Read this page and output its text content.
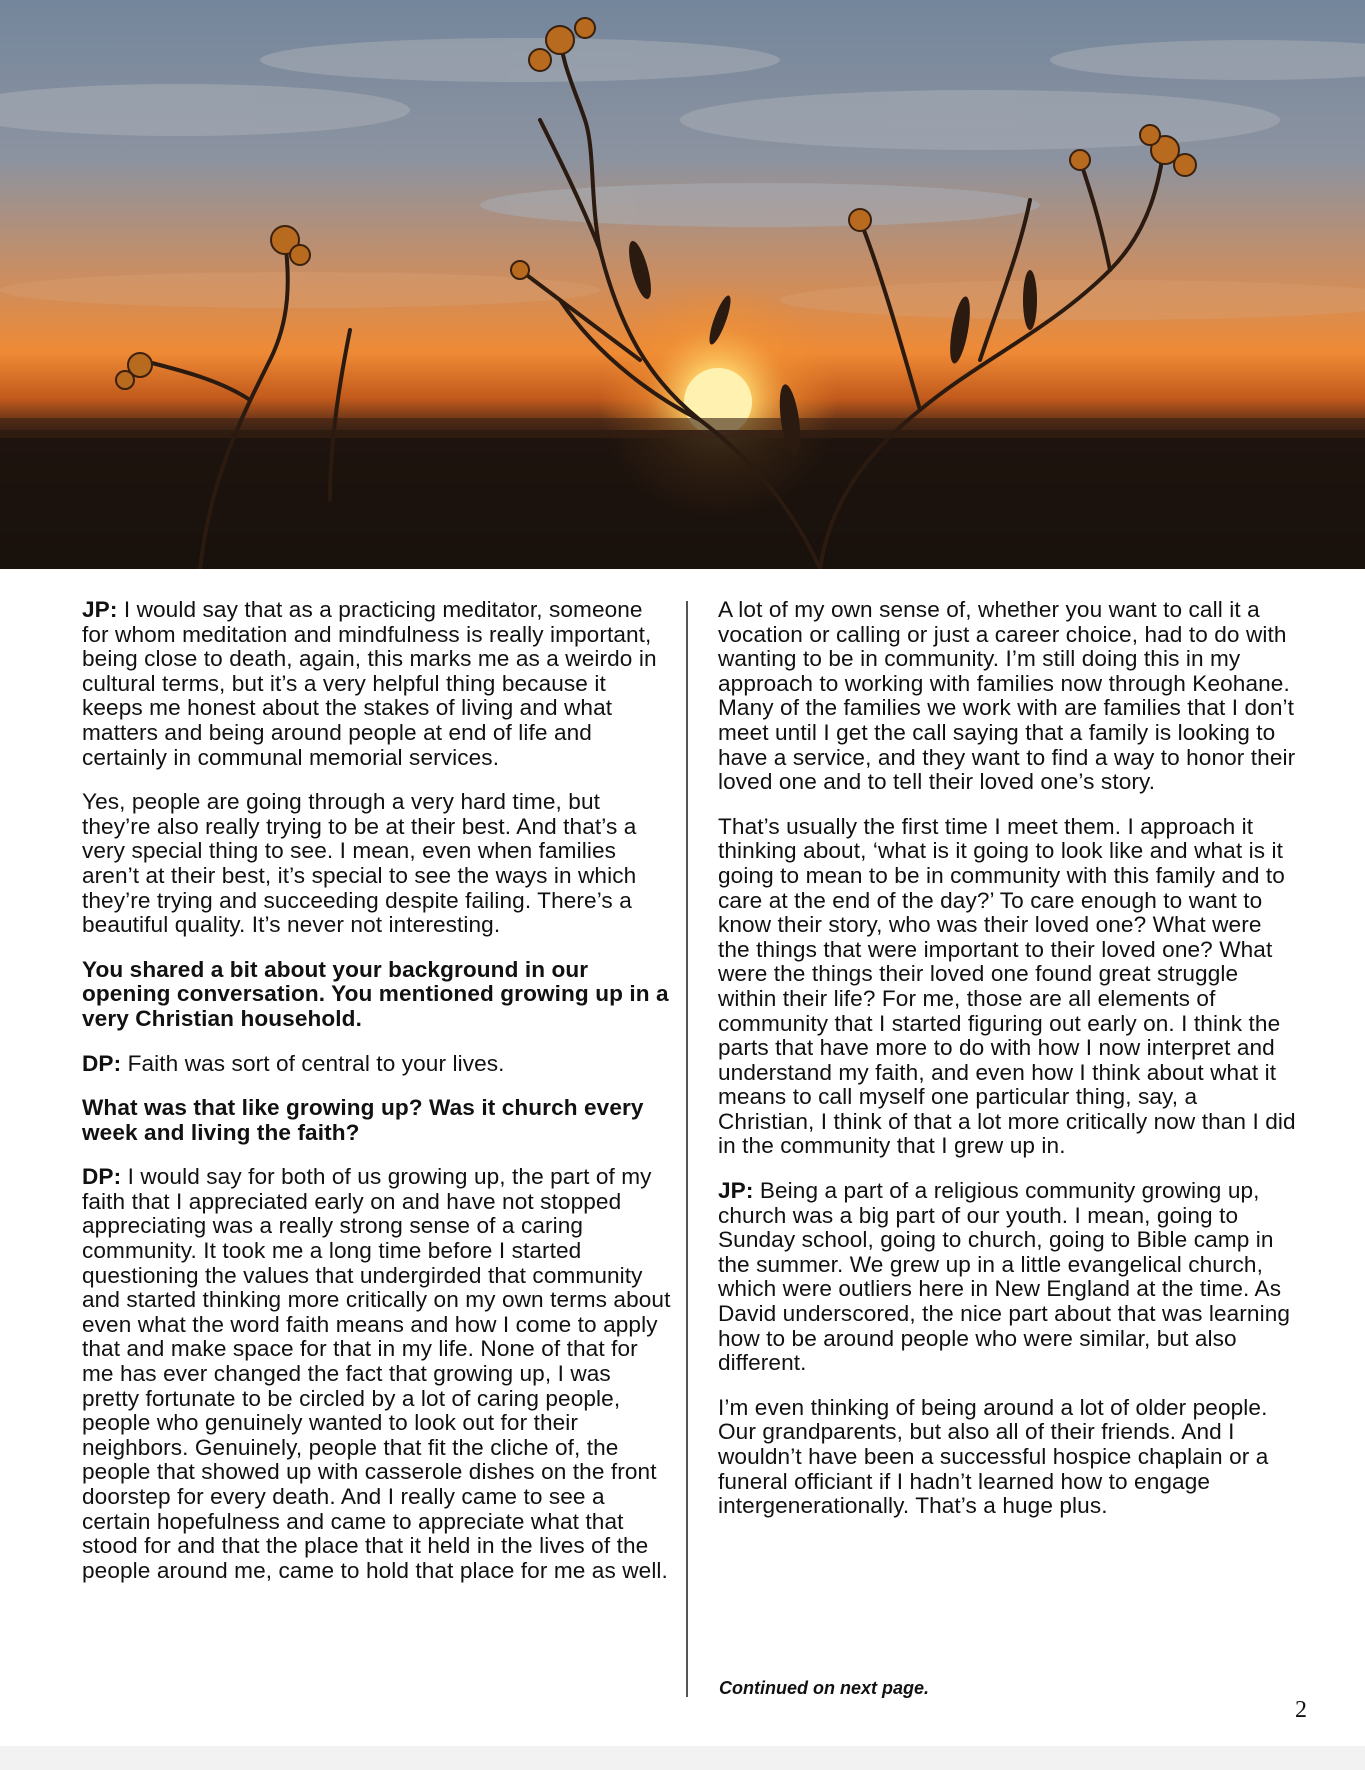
JP: I would say that as a practicing meditator, someone for whom meditation and mindfulness is really important, being close to death, again, this marks me as a weirdo in cultural terms, but it’s a very helpful thing because it keeps me honest about the stakes of living and what matters and being around people at end of life and certainly in communal memorial services.

Yes, people are going through a very hard time, but they’re also really trying to be at their best. And that’s a very special thing to see. I mean, even when families aren’t at their best, it’s special to see the ways in which they’re trying and succeeding despite failing. There’s a beautiful quality. It’s never not interesting.

You shared a bit about your background in our opening conversation. You mentioned growing up in a very Christian household.

DP: Faith was sort of central to your lives.

What was that like growing up? Was it church every week and living the faith?

DP: I would say for both of us growing up, the part of my faith that I appreciated early on and have not stopped appreciating was a really strong sense of a caring community. It took me a long time before I started questioning the values that undergirded that community and started thinking more critically on my own terms about even what the word faith means and how I come to apply that and make space for that in my life. None of that for me has ever changed the fact that growing up, I was pretty fortunate to be circled by a lot of caring people, people who genuinely wanted to look out for their neighbors. Genuinely, people that fit the cliche of, the people that showed up with casserole dishes on the front doorstep for every death. And I really came to see a certain hopefulness and came to appreciate what that stood for and that the place that it held in the lives of the people around me, came to hold that place for me as well.

A lot of my own sense of, whether you want to call it a vocation or calling or just a career choice, had to do with wanting to be in community. I’m still doing this in my approach to working with families now through Keohane. Many of the families we work with are families that I don’t meet until I get the call saying that a family is looking to have a service, and they want to find a way to honor their loved one and to tell their loved one’s story.

That’s usually the first time I meet them. I approach it thinking about, ‘what is it going to look like and what is it going to mean to be in community with this family and to care at the end of the day?’ To care enough to want to know their story, who was their loved one? What were the things that were important to their loved one? What were the things their loved one found great struggle within their life? For me, those are all elements of community that I started figuring out early on. I think the parts that have more to do with how I now interpret and understand my faith, and even how I think about what it means to call myself one particular thing, say, a Christian, I think of that a lot more critically now than I did in the community that I grew up in.

JP: Being a part of a religious community growing up, church was a big part of our youth. I mean, going to Sunday school, going to church, going to Bible camp in the summer. We grew up in a little evangelical church, which were outliers here in New England at the time. As David underscored, the nice part about that was learning how to be around people who were similar, but also different.

I’m even thinking of being around a lot of older people. Our grandparents, but also all of their friends. And I wouldn’t have been a successful hospice chaplain or a funeral officiant if I hadn’t learned how to engage intergenerationally. That’s a huge plus.

Continued on next page.
2
